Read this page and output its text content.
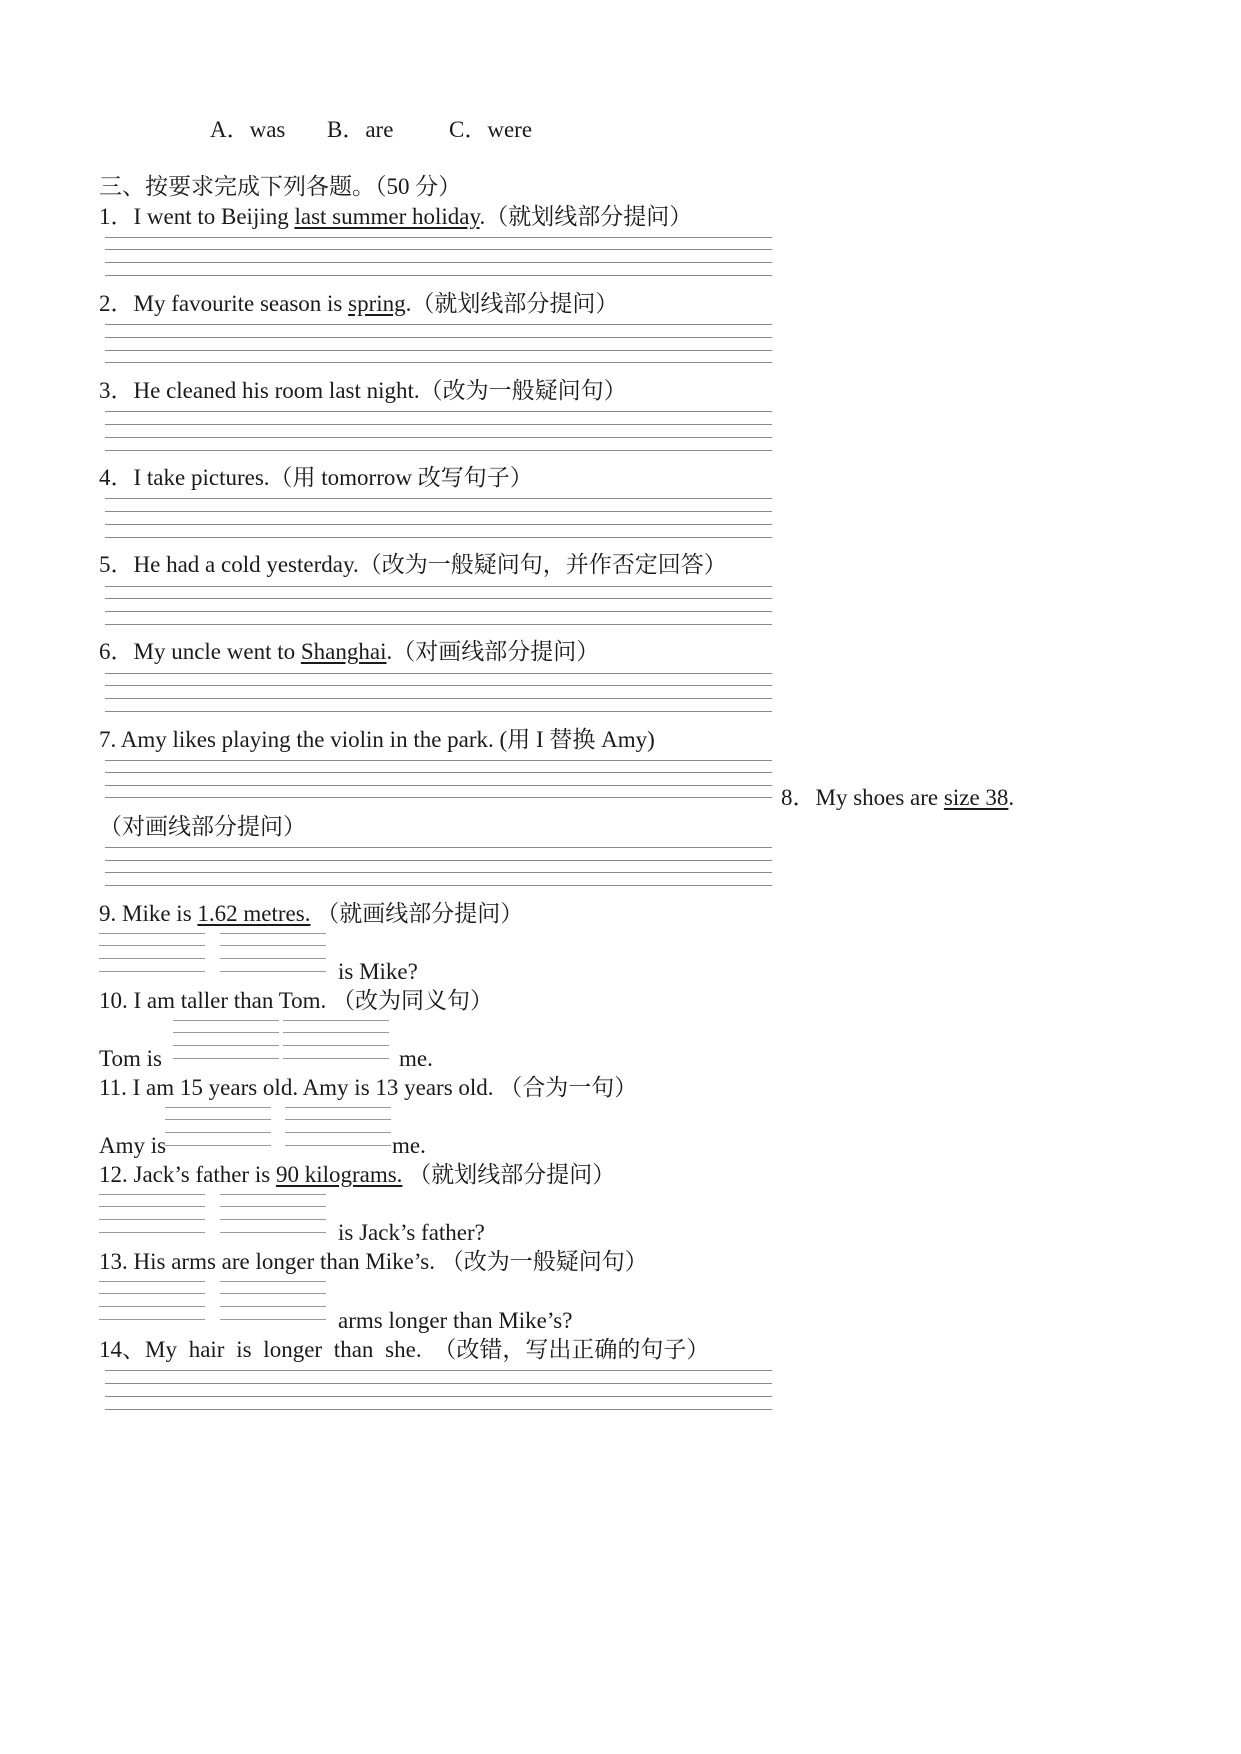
A．was B．are C．were
三、按要求完成下列各题。（50 分）
1．I went to Beijing last summer holiday.（就划线部分提问）
2．My favourite season is spring.（就划线部分提问）
3．He cleaned his room last night.（改为一般疑问句）
4．I take pictures.（用 tomorrow 改写句子）
5．He had a cold yesterday.（改为一般疑问句，并作否定回答）
6．My uncle went to Shanghai.（对画线部分提问）
7. Amy likes playing the violin in the park. (用 I 替换 Amy)
8．My shoes are size 38.
（对画线部分提问）
9. Mike is 1.62 metres. （就画线部分提问）
is Mike?
10. I am taller than Tom. （改为同义句）
Tom is	me.
11. I am 15 years old. Amy is 13 years old. （合为一句）
Amy is	me.
12. Jack’s father is 90 kilograms. （就划线部分提问）
is Jack’s father?
13. His arms are longer than Mike’s. （改为一般疑问句）
arms longer than Mike’s?
14、My hair is longer than she. （改错，写出正确的句子）
